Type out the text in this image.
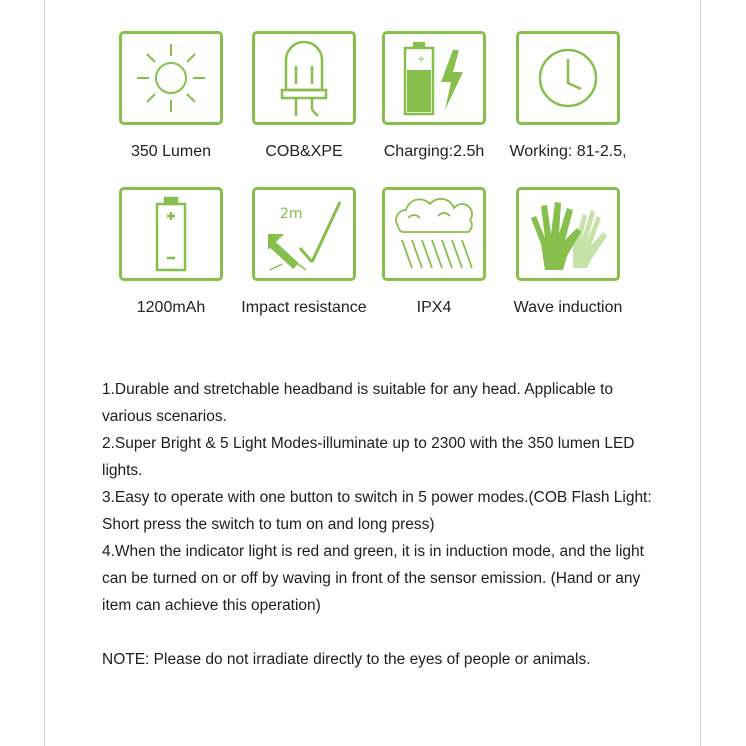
350 Lumen	COB&XPE
+
Charging:2.5h	Working: 81-2.5,
1200mAh
2m
Impact resistance	IPX4	Wave induction

1.Durable and stretchable headband is suitable for any head. Applicable to various scenarios.

2.Super Bright & 5 Light Modes-illuminate up to 2300 with the 350 lumen LED lights.

3.Easy to operate with one button to switch in 5 power modes.(COB Flash Light: Short press the switch to tum on and long press)

4.When the indicator light is red and green, it is in induction mode, and the light can be turned on or off by waving in front of the sensor emission. (Hand or any item can achieve this operation)

NOTE: Please do not irradiate directly to the eyes of people or animals.
